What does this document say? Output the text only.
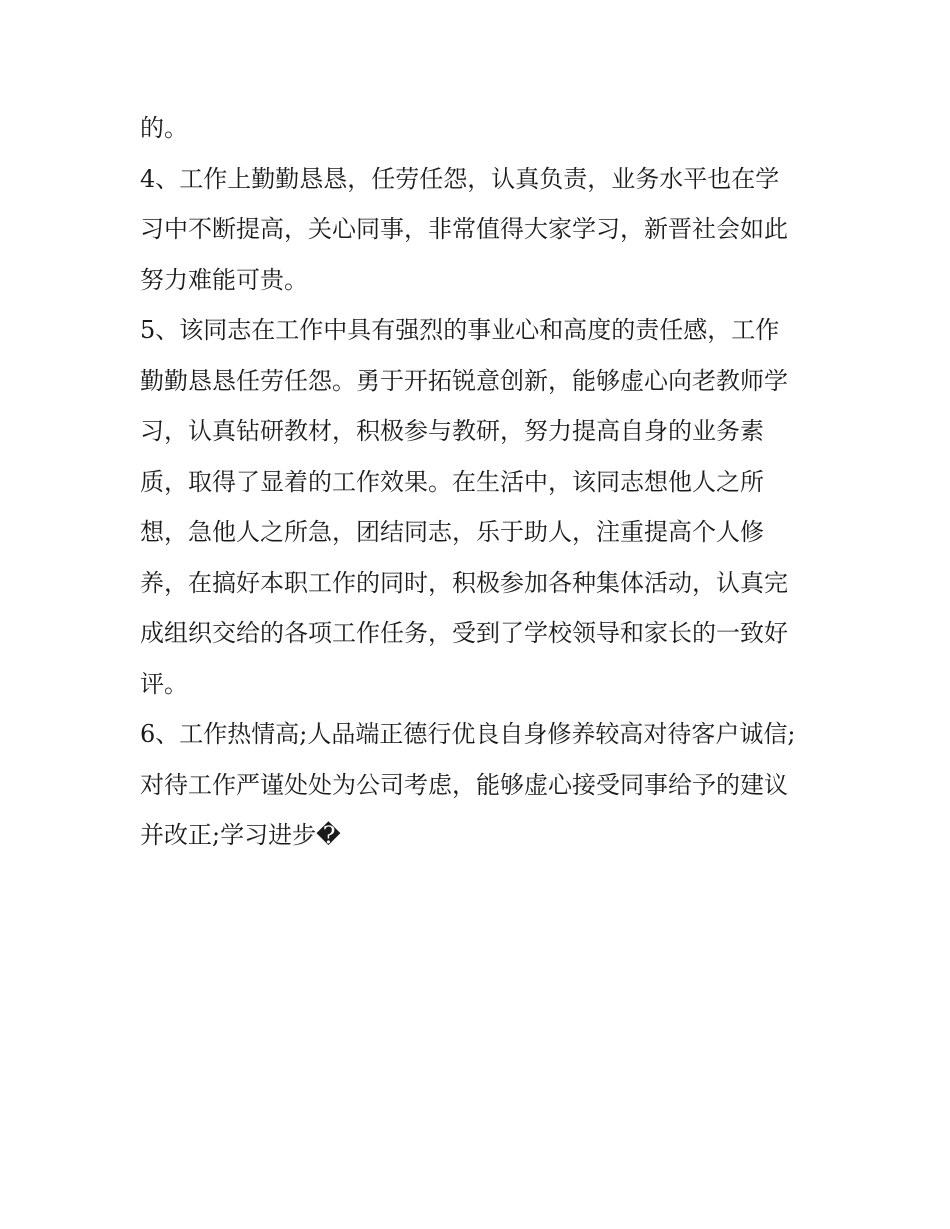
的。
4、工作上勤勤恳恳，任劳任怨，认真负责，业务水平也在学
习中不断提高，关心同事，非常值得大家学习，新晋社会如此
努力难能可贵。
5、该同志在工作中具有强烈的事业心和高度的责任感，工作
勤勤恳恳任劳任怨。勇于开拓锐意创新，能够虚心向老教师学
习，认真钻研教材，积极参与教研，努力提高自身的业务素
质，取得了显着的工作效果。在生活中，该同志想他人之所
想，急他人之所急，团结同志，乐于助人，注重提高个人修
养，在搞好本职工作的同时，积极参加各种集体活动，认真完
成组织交给的各项工作任务，受到了学校领导和家长的一致好
评。
6、工作热情高;人品端正德行优良自身修养较高对待客户诚信;
对待工作严谨处处为公司考虑，能够虚心接受同事给予的建议
并改正;学习进步�
